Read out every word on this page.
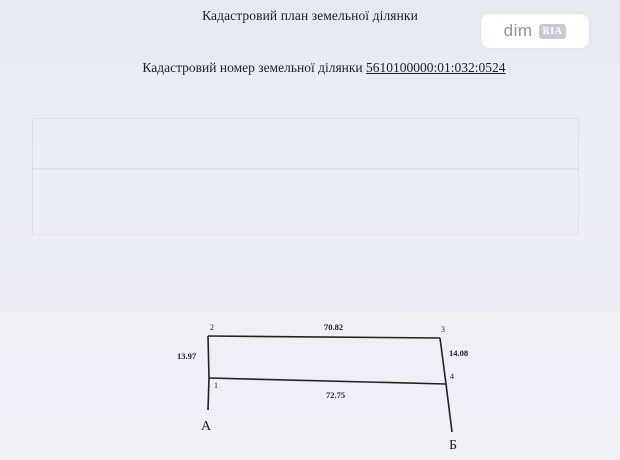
Кадастровий план земельної ділянки
Кадастровий номер земельної ділянки 5610100000:01:032:0524
dim	RIA
2	3
1
4
70.82
13.97	14.08
72.75
А
Б
